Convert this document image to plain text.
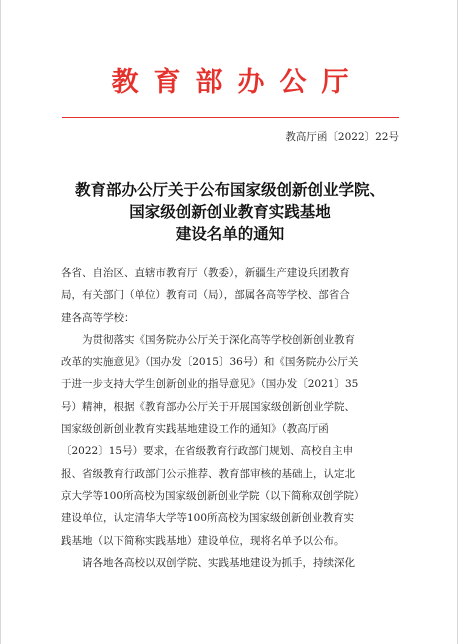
教育部办公厅
教高厅函〔2022〕22号
教育部办公厅关于公布国家级创新创业学院、
国家级创新创业教育实践基地
建设名单的通知

各省、自治区、直辖市教育厅（教委），新疆生产建设兵团教育
局，有关部门（单位）教育司（局），部属各高等学校、部省合
建各高等学校：

为贯彻落实《国务院办公厅关于深化高等学校创新创业教育
改革的实施意见》（国办发〔2015〕36号）和《国务院办公厅关
于进一步支持大学生创新创业的指导意见》（国办发〔2021〕35
号）精神，根据《教育部办公厅关于开展国家级创新创业学院、
国家级创新创业教育实践基地建设工作的通知》（教高厅函
〔2022〕15号）要求，在省级教育行政部门规划、高校自主申
报、省级教育行政部门公示推荐、教育部审核的基础上，认定北
京大学等100所高校为国家级创新创业学院（以下简称双创学院）
建设单位，认定清华大学等100所高校为国家级创新创业教育实
践基地（以下简称实践基地）建设单位，现将名单予以公布。

请各地各高校以双创学院、实践基地建设为抓手，持续深化
